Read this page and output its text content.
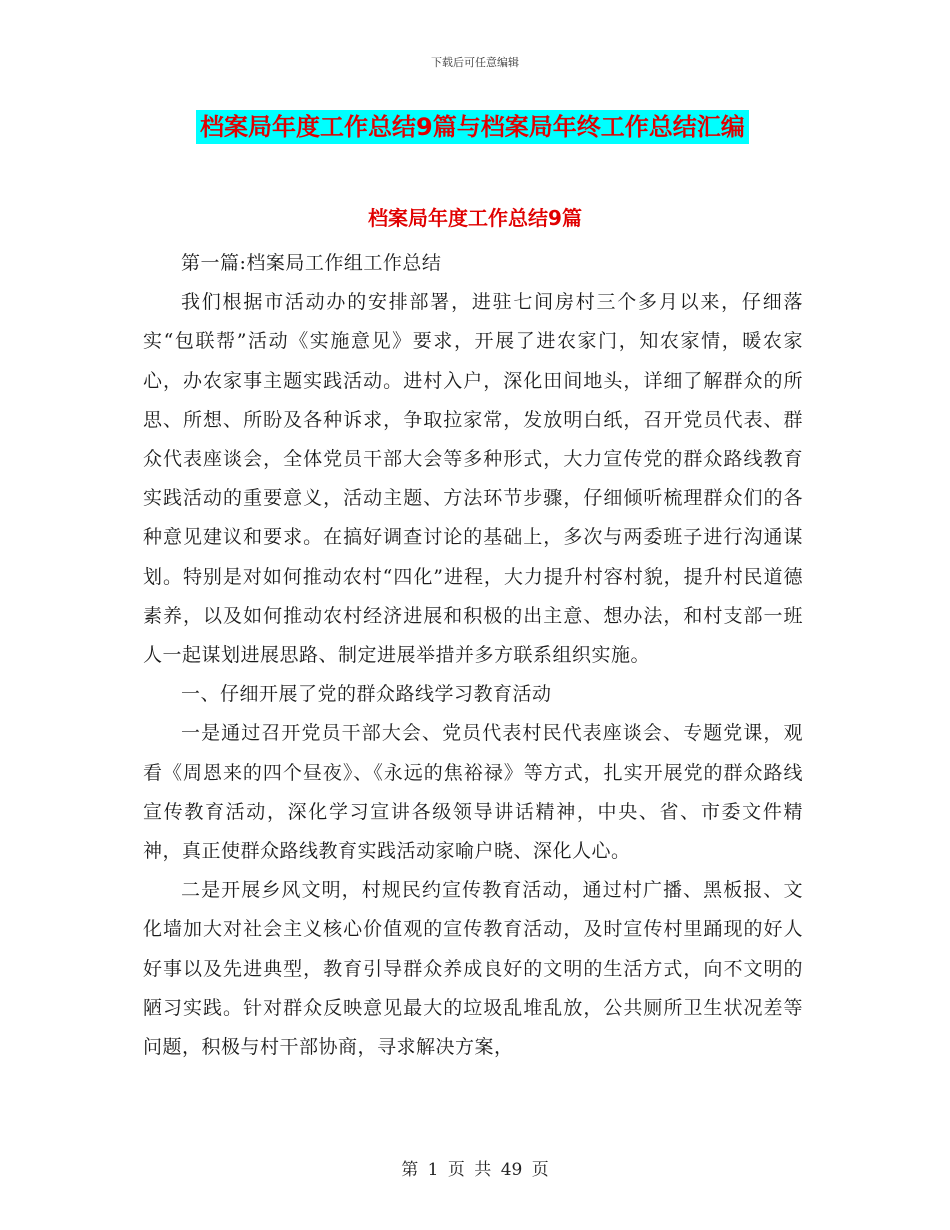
下载后可任意编辑
档案局年度工作总结9篇与档案局年终工作总结汇编
档案局年度工作总结9篇

第一篇:档案局工作组工作总结

我们根据市活动办的安排部署，进驻七间房村三个多月以来，仔细落实“包联帮”活动《实施意见》要求，开展了进农家门，知农家情，暖农家心，办农家事主题实践活动。进村入户，深化田间地头，详细了解群众的所思、所想、所盼及各种诉求，争取拉家常，发放明白纸，召开党员代表、群众代表座谈会，全体党员干部大会等多种形式，大力宣传党的群众路线教育实践活动的重要意义，活动主题、方法环节步骤，仔细倾听梳理群众们的各种意见建议和要求。在搞好调查讨论的基础上，多次与两委班子进行沟通谋划。特别是对如何推动农村“四化”进程，大力提升村容村貌，提升村民道德素养，以及如何推动农村经济进展和积极的出主意、想办法，和村支部一班人一起谋划进展思路、制定进展举措并多方联系组织实施。

一、仔细开展了党的群众路线学习教育活动

一是通过召开党员干部大会、党员代表村民代表座谈会、专题党课，观看《周恩来的四个昼夜》、《永远的焦裕禄》等方式，扎实开展党的群众路线宣传教育活动，深化学习宣讲各级领导讲话精神，中央、省、市委文件精神，真正使群众路线教育实践活动家喻户晓、深化人心。

二是开展乡风文明，村规民约宣传教育活动，通过村广播、黑板报、文化墙加大对社会主义核心价值观的宣传教育活动，及时宣传村里踊现的好人好事以及先进典型，教育引导群众养成良好的文明的生活方式，向不文明的陋习实践。针对群众反映意见最大的垃圾乱堆乱放，公共厕所卫生状况差等问题，积极与村干部协商，寻求解决方案，

第 1 页 共 49 页
